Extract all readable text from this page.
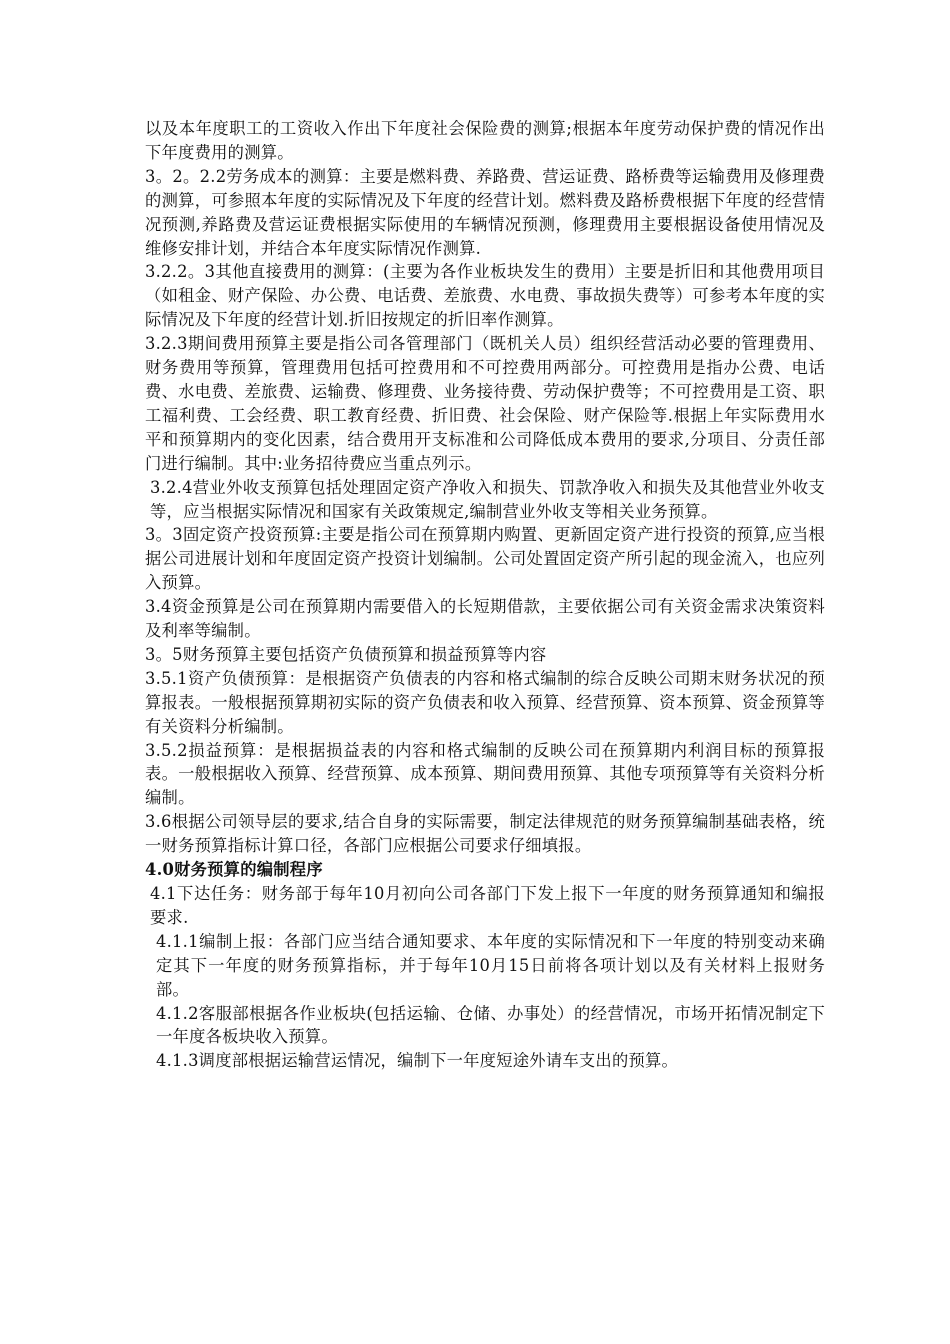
以及本年度职工的工资收入作出下年度社会保险费的测算;根据本年度劳动保护费的情况作出下年度费用的测算。

3。2。2.2劳务成本的测算：主要是燃料费、养路费、营运证费、路桥费等运输费用及修理费的测算，可参照本年度的实际情况及下年度的经营计划。燃料费及路桥费根据下年度的经营情况预测,养路费及营运证费根据实际使用的车辆情况预测，修理费用主要根据设备使用情况及维修安排计划，并结合本年度实际情况作测算.

3.2.2。3其他直接费用的测算：(主要为各作业板块发生的费用）主要是折旧和其他费用项目（如租金、财产保险、办公费、电话费、差旅费、水电费、事故损失费等）可参考本年度的实际情况及下年度的经营计划.折旧按规定的折旧率作测算。

3.2.3期间费用预算主要是指公司各管理部门（既机关人员）组织经营活动必要的管理费用、财务费用等预算，管理费用包括可控费用和不可控费用两部分。可控费用是指办公费、电话费、水电费、差旅费、运输费、修理费、业务接待费、劳动保护费等；不可控费用是工资、职工福利费、工会经费、职工教育经费、折旧费、社会保险、财产保险等.根据上年实际费用水平和预算期内的变化因素，结合费用开支标准和公司降低成本费用的要求,分项目、分责任部门进行编制。其中:业务招待费应当重点列示。

3.2.4营业外收支预算包括处理固定资产净收入和损失、罚款净收入和损失及其他营业外收支等，应当根据实际情况和国家有关政策规定,编制营业外收支等相关业务预算。

3。3固定资产投资预算:主要是指公司在预算期内购置、更新固定资产进行投资的预算,应当根据公司进展计划和年度固定资产投资计划编制。公司处置固定资产所引起的现金流入，也应列入预算。

3.4资金预算是公司在预算期内需要借入的长短期借款，主要依据公司有关资金需求决策资料及利率等编制。

3。5财务预算主要包括资产负债预算和损益预算等内容

3.5.1资产负债预算：是根据资产负债表的内容和格式编制的综合反映公司期末财务状况的预算报表。一般根据预算期初实际的资产负债表和收入预算、经营预算、资本预算、资金预算等有关资料分析编制。

3.5.2损益预算：是根据损益表的内容和格式编制的反映公司在预算期内利润目标的预算报表。一般根据收入预算、经营预算、成本预算、期间费用预算、其他专项预算等有关资料分析编制。

3.6根据公司领导层的要求,结合自身的实际需要，制定法律规范的财务预算编制基础表格，统一财务预算指标计算口径，各部门应根据公司要求仔细填报。

4.0财务预算的编制程序

4.1下达任务：财务部于每年10月初向公司各部门下发上报下一年度的财务预算通知和编报要求.

4.1.1编制上报：各部门应当结合通知要求、本年度的实际情况和下一年度的特别变动来确定其下一年度的财务预算指标，并于每年10月15日前将各项计划以及有关材料上报财务部。

4.1.2客服部根据各作业板块(包括运输、仓储、办事处）的经营情况，市场开拓情况制定下一年度各板块收入预算。

4.1.3调度部根据运输营运情况，编制下一年度短途外请车支出的预算。
